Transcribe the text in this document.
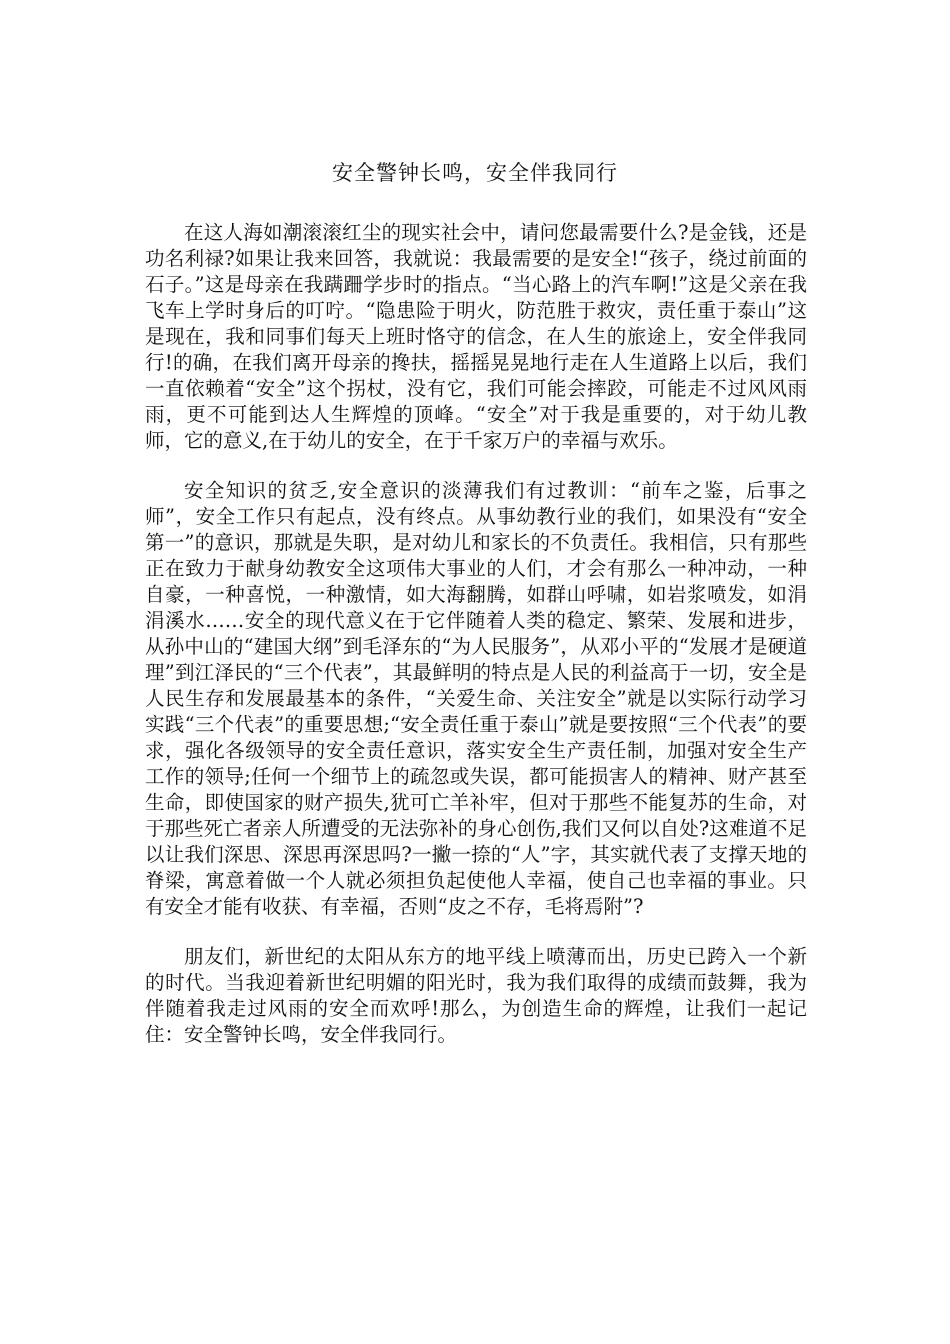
安全警钟长鸣，安全伴我同行

在这人海如潮滚滚红尘的现实社会中，请问您最需要什么?是金钱，还是功名利禄?如果让我来回答，我就说：我最需要的是安全!“孩子，绕过前面的石子。”这是母亲在我蹒跚学步时的指点。“当心路上的汽车啊!”这是父亲在我飞车上学时身后的叮咛。“隐患险于明火，防范胜于救灾，责任重于泰山”这是现在，我和同事们每天上班时恪守的信念，在人生的旅途上，安全伴我同行!的确，在我们离开母亲的搀扶，摇摇晃晃地行走在人生道路上以后，我们一直依赖着“安全”这个拐杖，没有它，我们可能会摔跤，可能走不过风风雨雨，更不可能到达人生辉煌的顶峰。“安全”对于我是重要的，对于幼儿教师，它的意义,在于幼儿的安全，在于千家万户的幸福与欢乐。

安全知识的贫乏,安全意识的淡薄我们有过教训：“前车之鉴，后事之师”，安全工作只有起点，没有终点。从事幼教行业的我们，如果没有“安全第一”的意识，那就是失职，是对幼儿和家长的不负责任。我相信，只有那些正在致力于献身幼教安全这项伟大事业的人们，才会有那么一种冲动，一种自豪，一种喜悦，一种激情，如大海翻腾，如群山呼啸，如岩浆喷发，如涓涓溪水……安全的现代意义在于它伴随着人类的稳定、繁荣、发展和进步，从孙中山的“建国大纲”到毛泽东的“为人民服务”，从邓小平的“发展才是硬道理”到江泽民的“三个代表”，其最鲜明的特点是人民的利益高于一切，安全是人民生存和发展最基本的条件，“关爱生命、关注安全”就是以实际行动学习实践“三个代表”的重要思想;“安全责任重于泰山”就是要按照“三个代表”的要求，强化各级领导的安全责任意识，落实安全生产责任制，加强对安全生产工作的领导;任何一个细节上的疏忽或失误，都可能损害人的精神、财产甚至生命，即使国家的财产损失,犹可亡羊补牢，但对于那些不能复苏的生命，对于那些死亡者亲人所遭受的无法弥补的身心创伤,我们又何以自处?这难道不足以让我们深思、深思再深思吗?一撇一捺的“人”字，其实就代表了支撑天地的脊梁，寓意着做一个人就必须担负起使他人幸福，使自己也幸福的事业。只有安全才能有收获、有幸福，否则“皮之不存，毛将焉附”?

朋友们，新世纪的太阳从东方的地平线上喷薄而出，历史已跨入一个新的时代。当我迎着新世纪明媚的阳光时，我为我们取得的成绩而鼓舞，我为伴随着我走过风雨的安全而欢呼!那么，为创造生命的辉煌，让我们一起记住：安全警钟长鸣，安全伴我同行。
